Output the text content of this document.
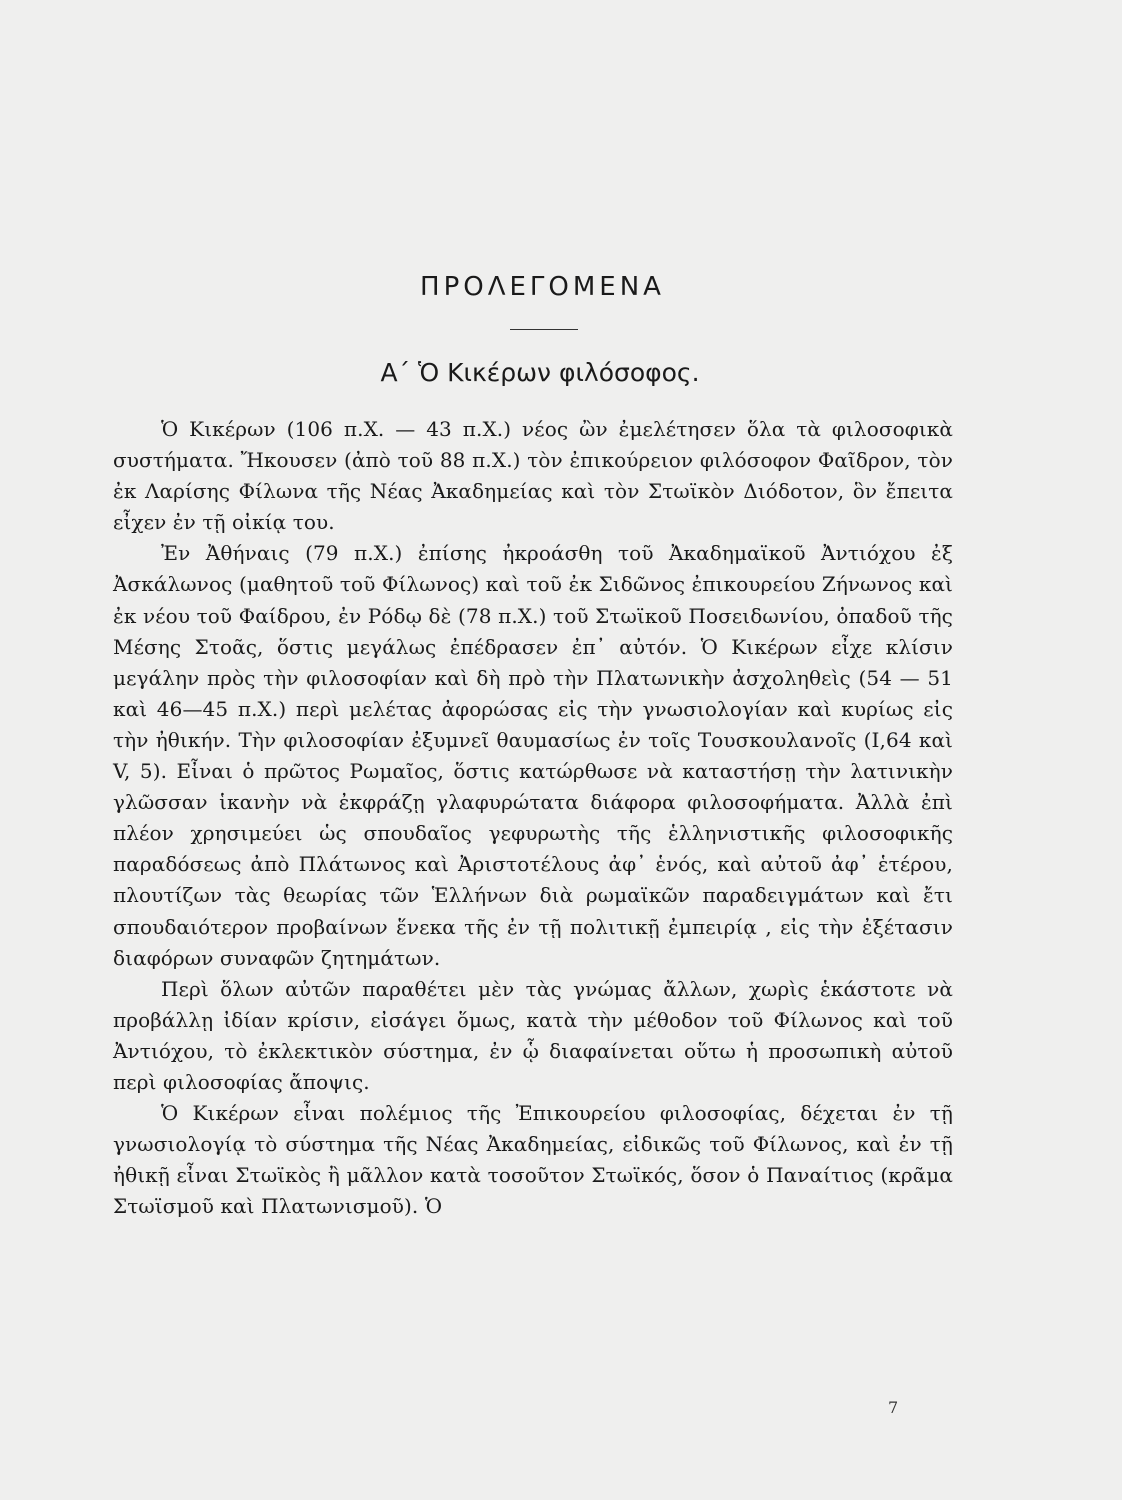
ΠΡΟΛΕΓΟΜΕΝΑ
Α΄ Ὁ Κικέρων φιλόσοφος.

Ὁ Κικέρων (106 π.Χ. — 43 π.Χ.) νέος ὢν ἐμελέτησεν ὅλα τὰ φιλοσοφικὰ συστήματα. Ἤκουσεν (ἀπὸ τοῦ 88 π.Χ.) τὸν ἐπικούρειον φιλόσοφον Φαῖδρον, τὸν ἐκ Λαρίσης Φίλωνα τῆς Νέας Ἀκαδημείας καὶ τὸν Στωϊκὸν Διόδοτον, ὃν ἔπειτα εἶχεν ἐν τῇ οἰκίᾳ του.

Ἐν Ἀθήναις (79 π.Χ.) ἐπίσης ἠκροάσθη τοῦ Ἀκαδημαϊκοῦ Ἀντιόχου ἐξ Ἀσκάλωνος (μαθητοῦ τοῦ Φίλωνος) καὶ τοῦ ἐκ Σιδῶνος ἐπικουρείου Ζήνωνος καὶ ἐκ νέου τοῦ Φαίδρου, ἐν Ρόδῳ δὲ (78 π.Χ.) τοῦ Στωϊκοῦ Ποσειδωνίου, ὀπαδοῦ τῆς Μέσης Στοᾶς, ὅστις μεγάλως ἐπέδρασεν ἐπ᾿ αὐτόν. Ὁ Κικέρων εἶχε κλίσιν μεγάλην πρὸς τὴν φιλοσοφίαν καὶ δὴ πρὸ τὴν Πλατωνικὴν ἀσχοληθεὶς (54 — 51 καὶ 46—45 π.Χ.) περὶ μελέτας ἀφορώσας εἰς τὴν γνωσιολογίαν καὶ κυρίως εἰς τὴν ἠθικήν. Τὴν φιλοσοφίαν ἐξυμνεῖ θαυμασίως ἐν τοῖς Τουσκουλανοῖς (I,64 καὶ V, 5). Εἶναι ὁ πρῶτος Ρωμαῖος, ὅστις κατώρθωσε νὰ καταστήσῃ τὴν λατινικὴν γλῶσσαν ἱκανὴν νὰ ἐκφράζῃ γλαφυρώτατα διάφορα φιλοσοφήματα. Ἀλλὰ ἐπὶ πλέον χρησιμεύει ὡς σπουδαῖος γεφυρωτὴς τῆς ἑλληνιστικῆς φιλοσοφικῆς παραδόσεως ἀπὸ Πλάτωνος καὶ Ἀριστοτέλους ἀφ᾿ ἑνός, καὶ αὐτοῦ ἀφ᾿ ἑτέρου, πλουτίζων τὰς θεωρίας τῶν Ἑλλήνων διὰ ρωμαϊκῶν παραδειγμάτων καὶ ἔτι σπουδαιότερον προβαίνων ἕνεκα τῆς ἐν τῇ πολιτικῇ ἐμπειρίᾳ , εἰς τὴν ἐξέτασιν διαφόρων συναφῶν ζητημάτων.

Περὶ ὅλων αὐτῶν παραθέτει μὲν τὰς γνώμας ἄλλων, χωρὶς ἑκάστοτε νὰ προβάλλῃ ἰδίαν κρίσιν, εἰσάγει ὅμως, κατὰ τὴν μέθοδον τοῦ Φίλωνος καὶ τοῦ Ἀντιόχου, τὸ ἐκλεκτικὸν σύστημα, ἐν ᾧ διαφαίνεται οὕτω ἡ προσωπικὴ αὐτοῦ περὶ φιλοσοφίας ἄποψις.

Ὁ Κικέρων εἶναι πολέμιος τῆς Ἐπικουρείου φιλοσοφίας, δέχεται ἐν τῇ γνωσιολογίᾳ τὸ σύστημα τῆς Νέας Ἀκαδημείας, εἰδικῶς τοῦ Φίλωνος, καὶ ἐν τῇ ἠθικῇ εἶναι Στωϊκὸς ἢ μᾶλλον κατὰ τοσοῦτον Στωϊκός, ὅσον ὁ Παναίτιος (κρᾶμα Στωϊσμοῦ καὶ Πλατωνισμοῦ). Ὁ

7
